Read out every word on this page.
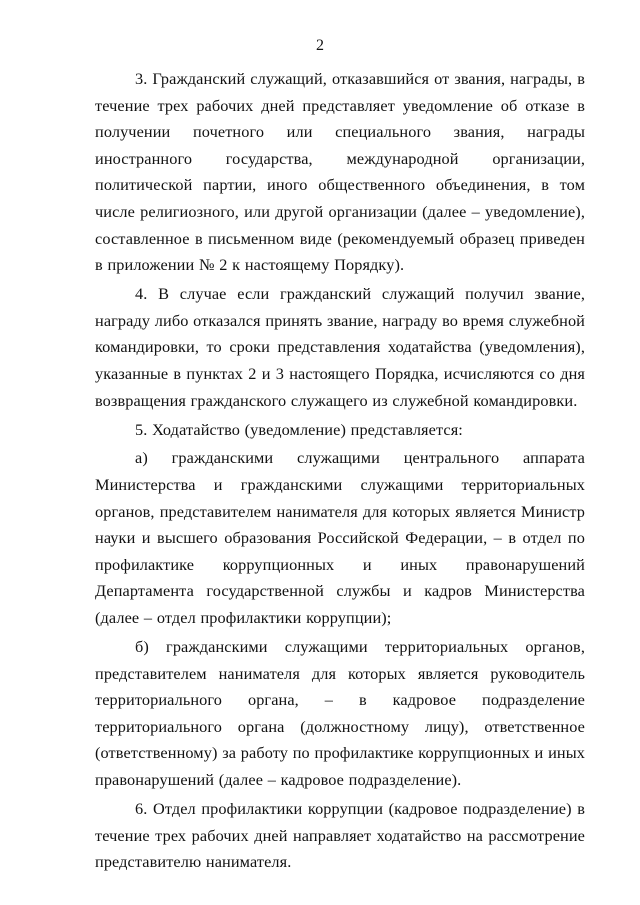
2

3. Гражданский служащий, отказавшийся от звания, награды, в течение трех рабочих дней представляет уведомление об отказе в получении почетного или специального звания, награды иностранного государства, международной организации, политической партии, иного общественного объединения, в том числе религиозного, или другой организации (далее – уведомление), составленное в письменном виде (рекомендуемый образец приведен в приложении № 2 к настоящему Порядку).

4. В случае если гражданский служащий получил звание, награду либо отказался принять звание, награду во время служебной командировки, то сроки представления ходатайства (уведомления), указанные в пунктах 2 и 3 настоящего Порядка, исчисляются со дня возвращения гражданского служащего из служебной командировки.

5. Ходатайство (уведомление) представляется:

а) гражданскими служащими центрального аппарата Министерства и гражданскими служащими территориальных органов, представителем нанимателя для которых является Министр науки и высшего образования Российской Федерации, – в отдел по профилактике коррупционных и иных правонарушений Департамента государственной службы и кадров Министерства (далее – отдел профилактики коррупции);

б) гражданскими служащими территориальных органов, представителем нанимателя для которых является руководитель территориального органа, – в кадровое подразделение территориального органа (должностному лицу), ответственное (ответственному) за работу по профилактике коррупционных и иных правонарушений (далее – кадровое подразделение).

6. Отдел профилактики коррупции (кадровое подразделение) в течение трех рабочих дней направляет ходатайство на рассмотрение представителю нанимателя.
